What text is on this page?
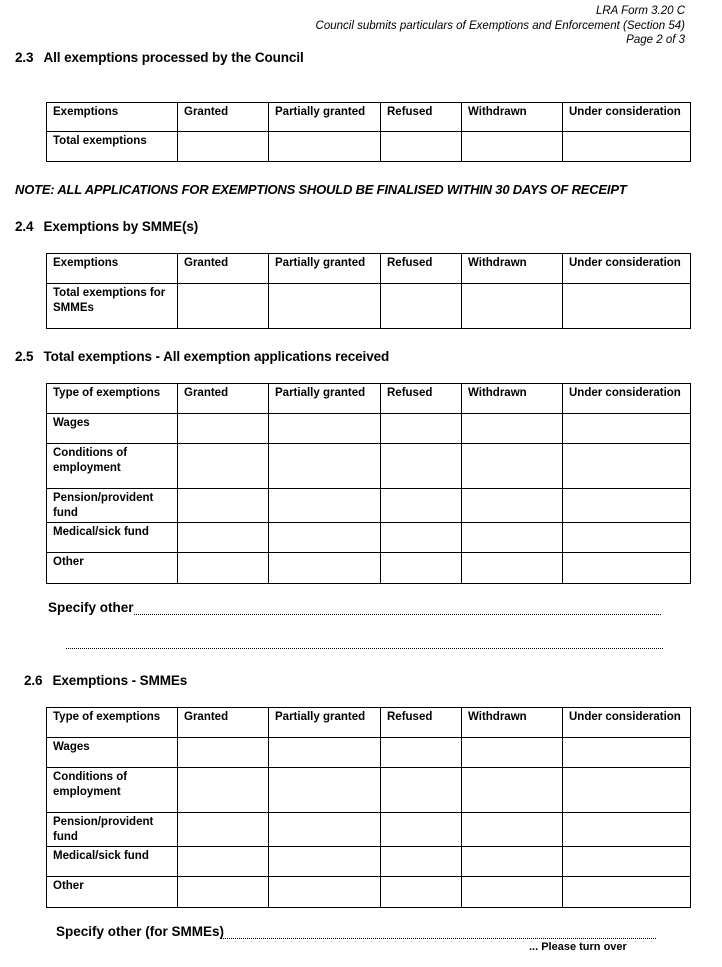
LRA Form 3.20 C
Council submits particulars of Exemptions and Enforcement (Section 54)
Page 2 of 3
2.3 All exemptions processed by the Council
Exemptions	Granted	Partially granted	Refused	Withdrawn	Under consideration
Total exemptions					
NOTE: ALL APPLICATIONS FOR EXEMPTIONS SHOULD BE FINALISED WITHIN 30 DAYS OF RECEIPT
2.4 Exemptions by SMME(s)
Exemptions	Granted	Partially granted	Refused	Withdrawn	Under consideration
Total exemptions for SMMEs					
2.5 Total exemptions - All exemption applications received
Type of exemptions	Granted	Partially granted	Refused	Withdrawn	Under consideration
Wages					
Conditions of employment					
Pension/provident fund					
Medical/sick fund					
Other					
Specify other
2.6 Exemptions - SMMEs
Type of exemptions	Granted	Partially granted	Refused	Withdrawn	Under consideration
Wages					
Conditions of employment					
Pension/provident fund					
Medical/sick fund					
Other					
Specify other (for SMMEs)
... Please turn over
